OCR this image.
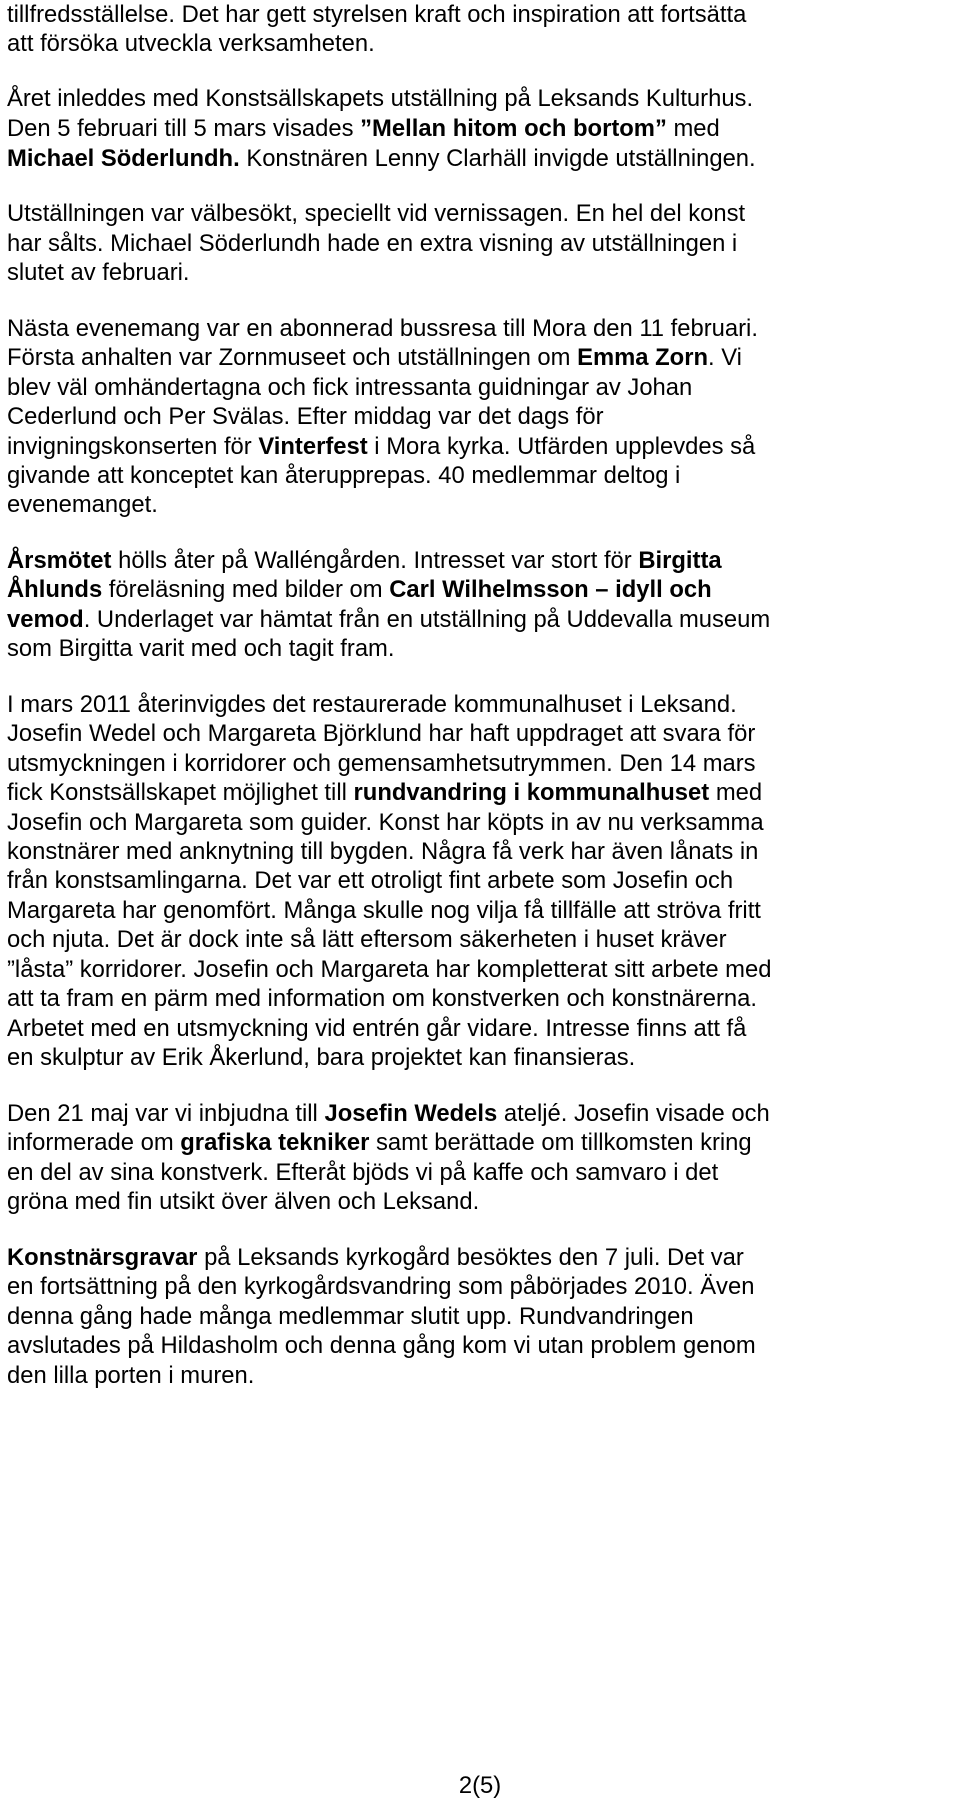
tillfredsställelse. Det har gett styrelsen kraft och inspiration att fortsätta

att försöka utveckla verksamheten.

Året inleddes med Konstsällskapets utställning på Leksands Kulturhus.

Den 5 februari till 5 mars visades ”Mellan hitom och bortom” med

Michael Söderlundh. Konstnären Lenny Clarhäll invigde utställningen.

Utställningen var välbesökt, speciellt vid vernissagen. En hel del konst

har sålts. Michael Söderlundh hade en extra visning av utställningen i

slutet av februari.

Nästa evenemang var en abonnerad bussresa till Mora den 11 februari.

Första anhalten var Zornmuseet och utställningen om Emma Zorn. Vi

blev väl omhändertagna och fick intressanta guidningar av Johan

Cederlund och Per Svälas. Efter middag var det dags för

invigningskonserten för Vinterfest i Mora kyrka. Utfärden upplevdes så

givande att konceptet kan återupprepas. 40 medlemmar deltog i

evenemanget.

Årsmötet hölls åter på Walléngården. Intresset var stort för Birgitta

Åhlunds föreläsning med bilder om Carl Wilhelmsson – idyll och

vemod. Underlaget var hämtat från en utställning på Uddevalla museum

som Birgitta varit med och tagit fram.

I mars 2011 återinvigdes det restaurerade kommunalhuset i Leksand.

Josefin Wedel och Margareta Björklund har haft uppdraget att svara för

utsmyckningen i korridorer och gemensamhetsutrymmen. Den 14 mars

fick Konstsällskapet möjlighet till rundvandring i kommunalhuset med

Josefin och Margareta som guider. Konst har köpts in av nu verksamma

konstnärer med anknytning till bygden. Några få verk har även lånats in

från konstsamlingarna. Det var ett otroligt fint arbete som Josefin och

Margareta har genomfört. Många skulle nog vilja få tillfälle att ströva fritt

och njuta. Det är dock inte så lätt eftersom säkerheten i huset kräver

”låsta” korridorer. Josefin och Margareta har kompletterat sitt arbete med

att ta fram en pärm med information om konstverken och konstnärerna.

Arbetet med en utsmyckning vid entrén går vidare. Intresse finns att få

en skulptur av Erik Åkerlund, bara projektet kan finansieras.

Den 21 maj var vi inbjudna till Josefin Wedels ateljé. Josefin visade och

informerade om grafiska tekniker samt berättade om tillkomsten kring

en del av sina konstverk. Efteråt bjöds vi på kaffe och samvaro i det

gröna med fin utsikt över älven och Leksand.

Konstnärsgravar på Leksands kyrkogård besöktes den 7 juli. Det var

en fortsättning på den kyrkogårdsvandring som påbörjades 2010. Även

denna gång hade många medlemmar slutit upp. Rundvandringen

avslutades på Hildasholm och denna gång kom vi utan problem genom

den lilla porten i muren.

2(5)
